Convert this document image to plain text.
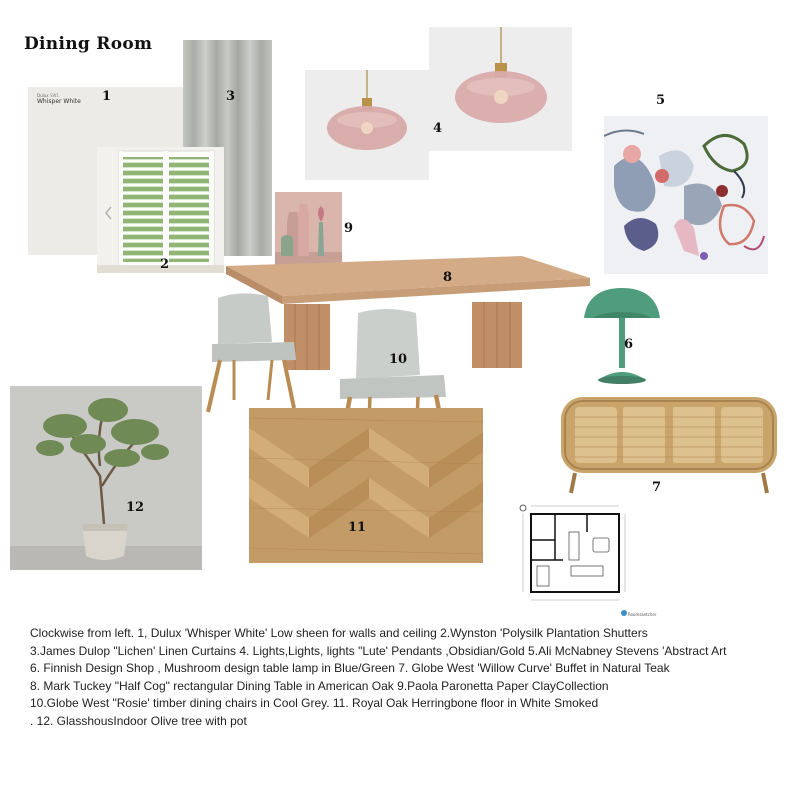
Dining Room
Dulux SW1
Whisper White 1	3
2
4
5
9
8
6
10
7
12
11
Roomsketcher
Clockwise from left. 1, Dulux 'Whisper White' Low sheen for walls and ceiling 2.Wynston 'Polysilk Plantation Shutters
3.James Dulop "Lichen' Linen Curtains 4. Lights,Lights, lights "Lute' Pendants ,Obsidian/Gold 5.Ali McNabney Stevens 'Abstract Art
6. Finnish Design Shop , Mushroom design table lamp in Blue/Green 7. Globe West 'Willow Curve' Buffet in Natural Teak
8. Mark Tuckey "Half Cog" rectangular Dining Table in American Oak 9.Paola Paronetta Paper ClayCollection
10.Globe West "Rosie' timber dining chairs in Cool Grey. 11. Royal Oak Herringbone floor in White Smoked
. 12. GlasshousIndoor Olive tree with pot
